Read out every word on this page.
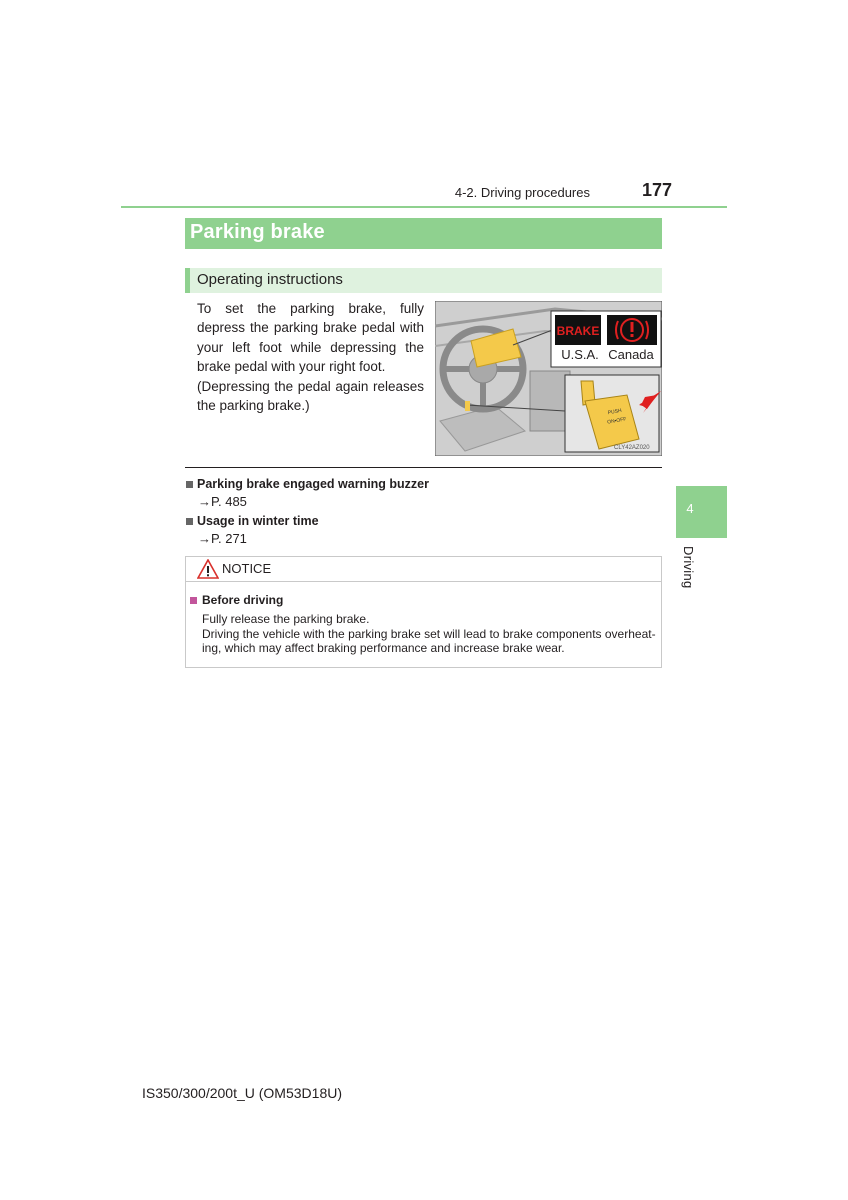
4-2. Driving procedures	177
4
Driving
Parking brake
Operating instructions

To set the parking brake, fully depress the parking brake pedal with your left foot while depressing the brake pedal with your right foot.

(Depressing the pedal again releases the parking brake.)

BRAKE
PUSH
ON•OFF
U.S.A. Canada
CLY42AZ020
Parking brake engaged warning buzzer
→P. 485
Usage in winter time
→P. 271
NOTICE
Before driving

Fully release the parking brake.

Driving the vehicle with the parking brake set will lead to brake components overheat-ing, which may affect braking performance and increase brake wear.

IS350/300/200t_U (OM53D18U)
